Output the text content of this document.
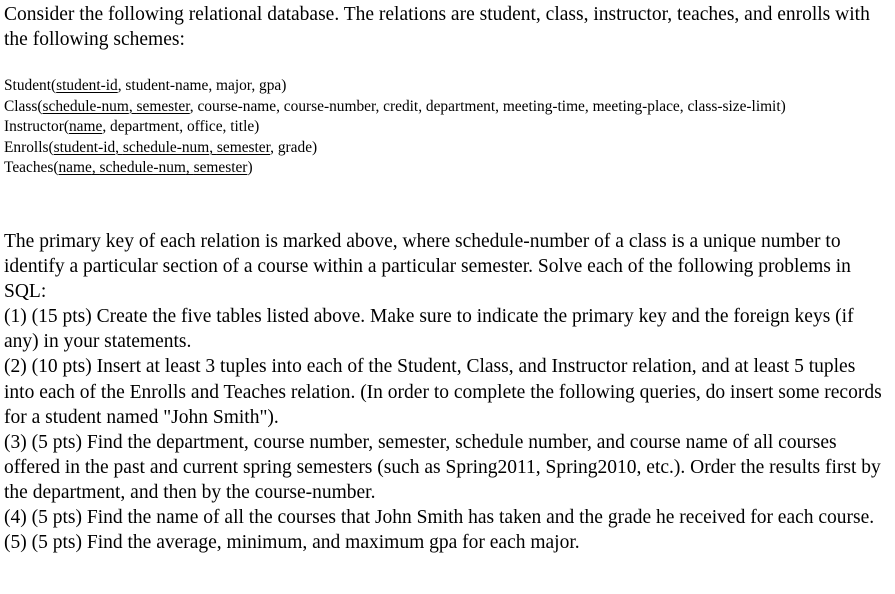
Consider the following relational database. The relations are student, class, instructor, teaches, and enrolls with the following schemes:

Student(student-id, student-name, major, gpa)

Class(schedule-num, semester, course-name, course-number, credit, department, meeting-time, meeting-place, class-size-limit)

Instructor(name, department, office, title)

Enrolls(student-id, schedule-num, semester, grade)

Teaches(name, schedule-num, semester)

The primary key of each relation is marked above, where schedule-number of a class is a unique number to identify a particular section of a course within a particular semester. Solve each of the following problems in SQL:

(1) (15 pts) Create the five tables listed above. Make sure to indicate the primary key and the foreign keys (if any) in your statements.

(2) (10 pts) Insert at least 3 tuples into each of the Student, Class, and Instructor relation, and at least 5 tuples into each of the Enrolls and Teaches relation. (In order to complete the following queries, do insert some records for a student named "John Smith").

(3) (5 pts) Find the department, course number, semester, schedule number, and course name of all courses offered in the past and current spring semesters (such as Spring2011, Spring2010, etc.). Order the results first by the department, and then by the course-number.

(4) (5 pts) Find the name of all the courses that John Smith has taken and the grade he received for each course.

(5) (5 pts) Find the average, minimum, and maximum gpa for each major.
